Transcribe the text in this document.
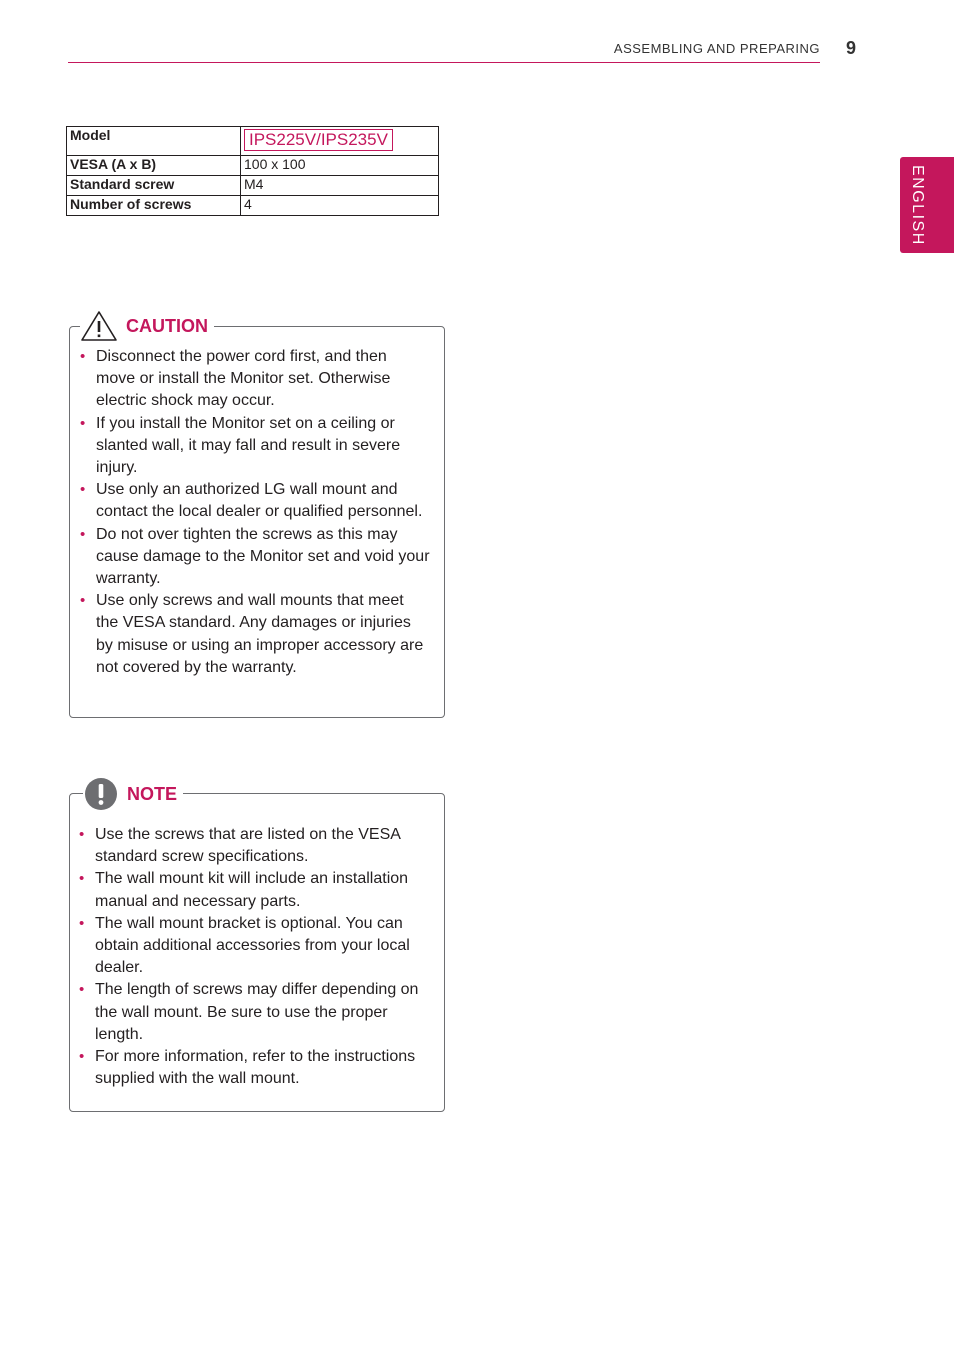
ASSEMBLING AND PREPARING 9
ENGLISH
Model	IPS225V/IPS235V
VESA (A x B)	100 x 100
Standard screw	M4
Number of screws	4
CAUTION
• Disconnect the power cord first, and then move or install the Monitor set. Otherwise electric shock may occur.
• If you install the Monitor set on a ceiling or slanted wall, it may fall and result in severe injury.
• Use only an authorized LG wall mount and contact the local dealer or qualified personnel.
• Do not over tighten the screws as this may cause damage to the Monitor set and void your warranty.
• Use only screws and wall mounts that meet the VESA standard. Any damages or injuries by misuse or using an improper accessory are not covered by the warranty.
NOTE
• Use the screws that are listed on the VESA standard screw specifications.
• The wall mount kit will include an installation manual and necessary parts.
• The wall mount bracket is optional. You can obtain additional accessories from your local dealer.
• The length of screws may differ depending on the wall mount. Be sure to use the proper length.
• For more information, refer to the instructions supplied with the wall mount.
